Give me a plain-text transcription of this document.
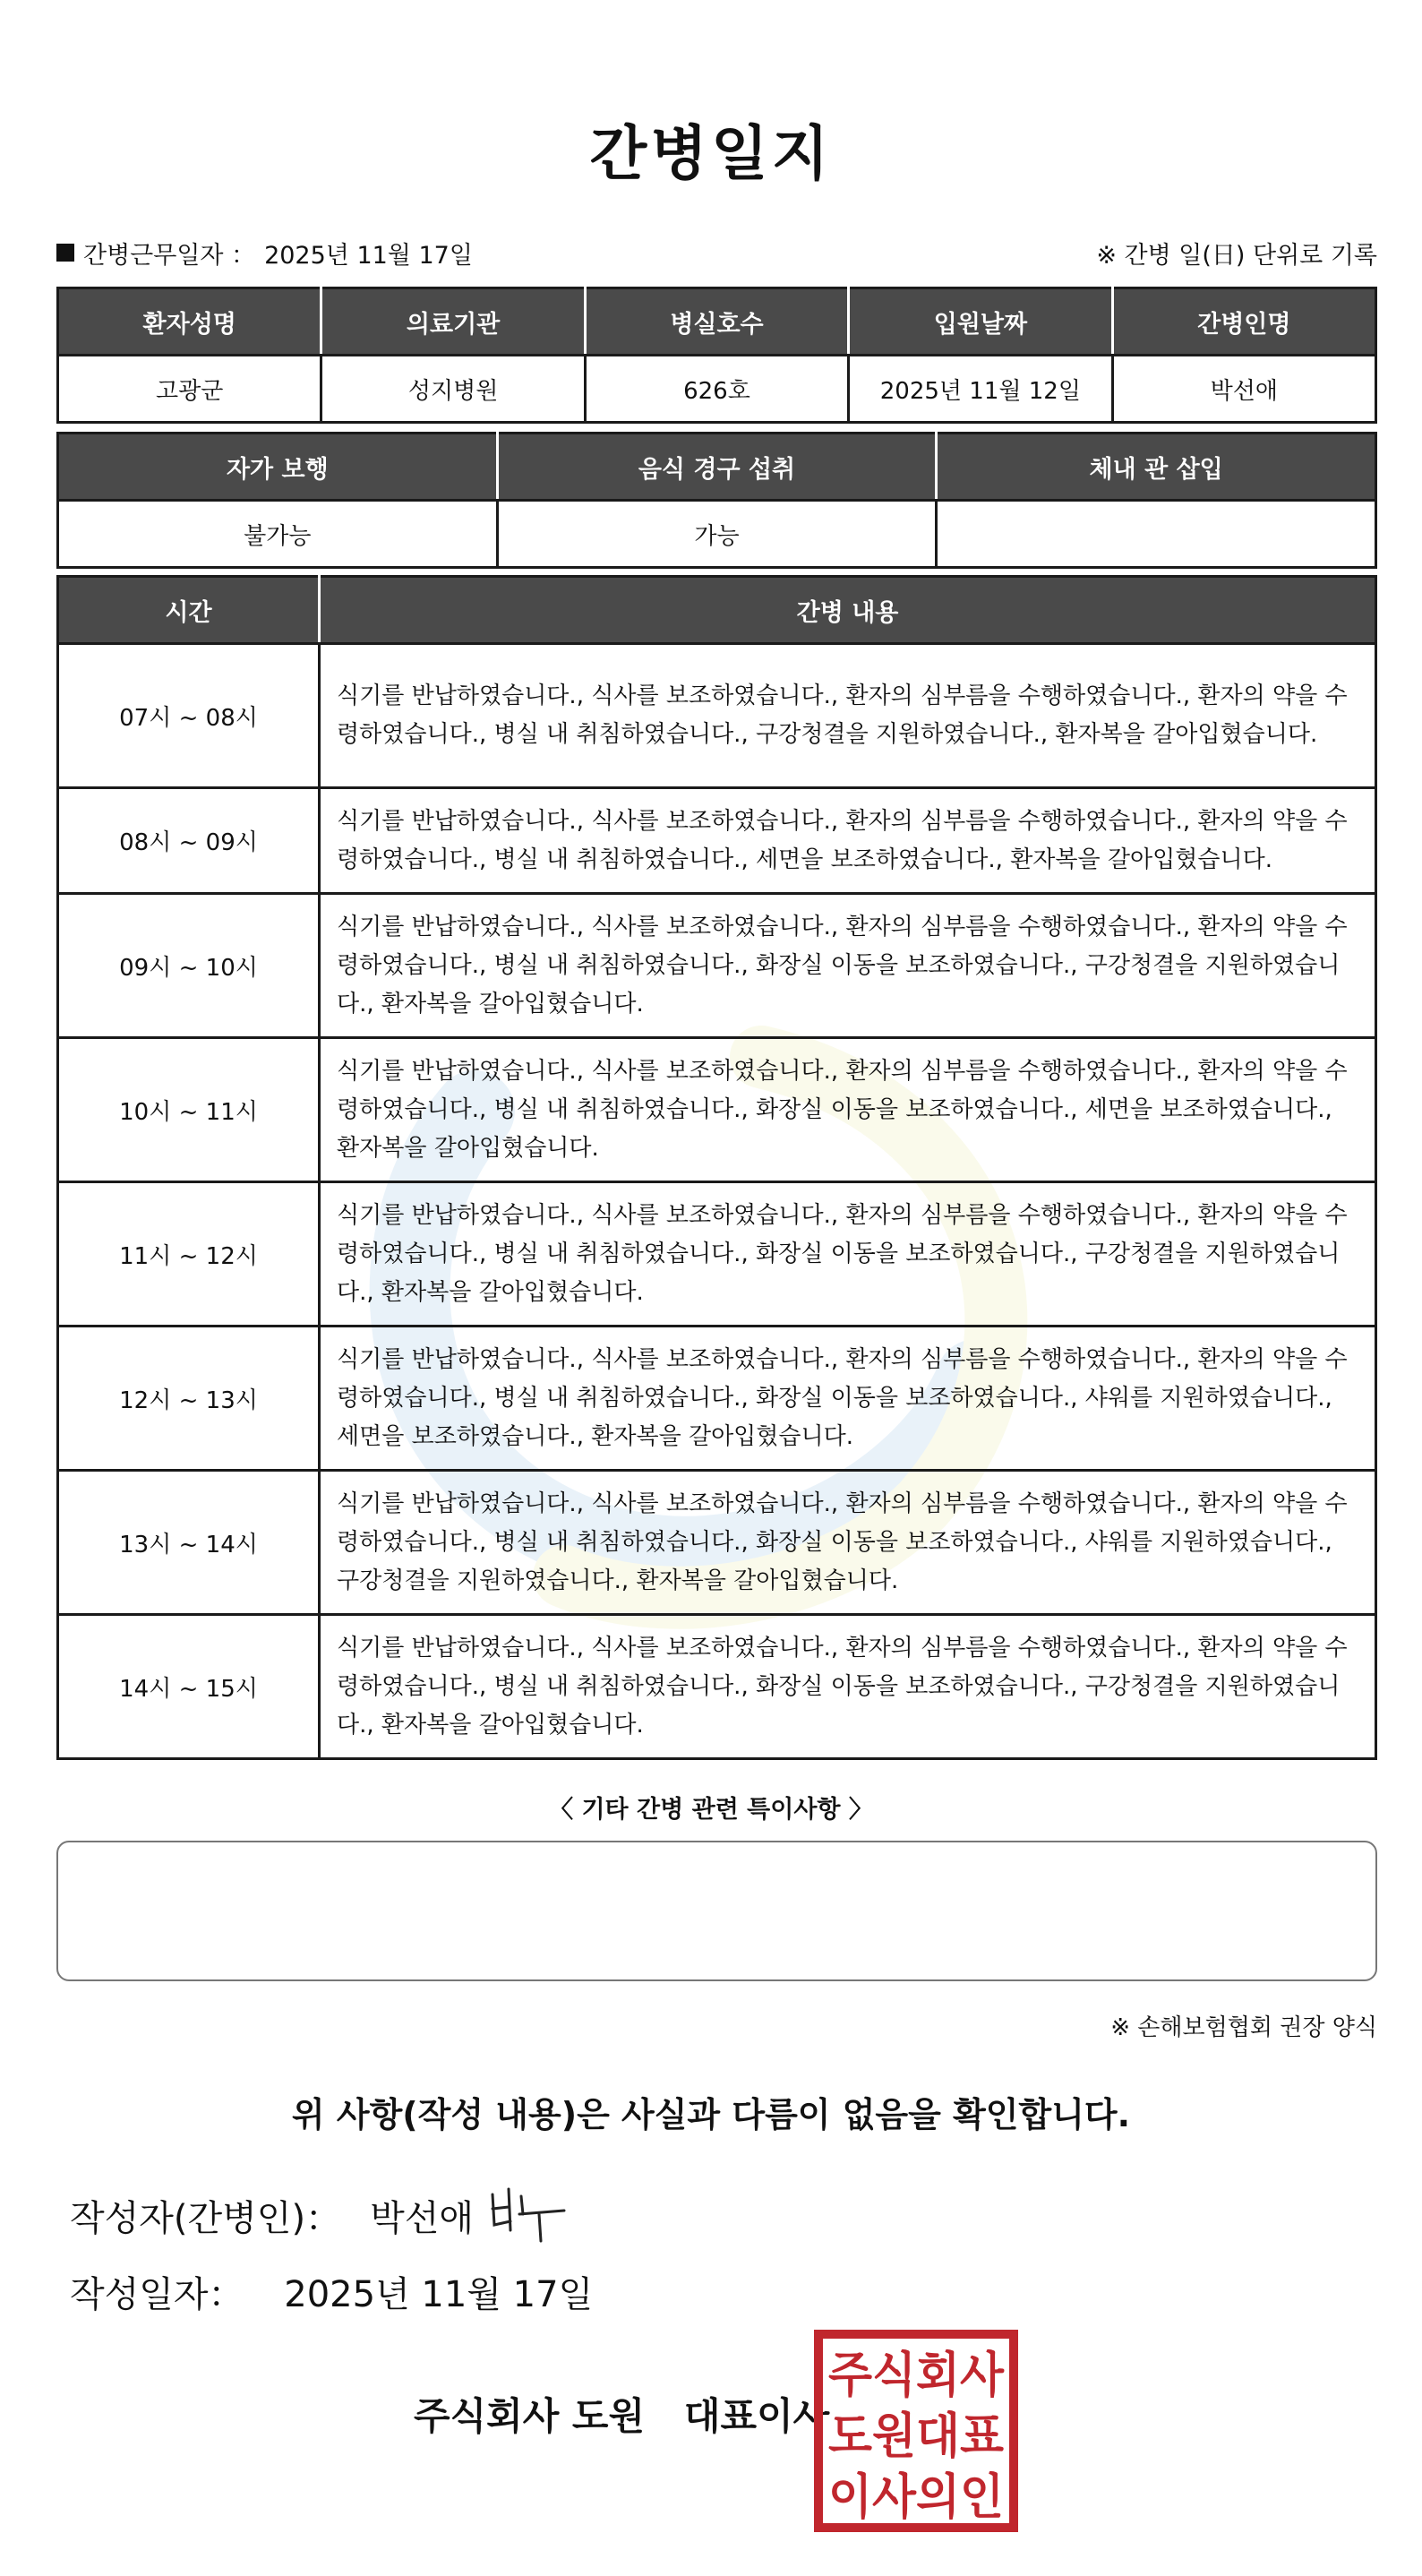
간병일지
간병근무일자 ： 2025년 11월 17일	※ 간병 일(日) 단위로 기록
환자성명	의료기관	병실호수	입원날짜	간병인명
고광군	성지병원	626호	2025년 11월 12일	박선애
자가 보행	음식 경구 섭취	체내 관 삽입
불가능	가능	
시간	간병 내용
07시 ~ 08시	식기를 반납하였습니다., 식사를 보조하였습니다., 환자의 심부름을 수행하였습니다., 환자의 약을 수령하였습니다., 병실 내 취침하였습니다., 구강청결을 지원하였습니다., 환자복을 갈아입혔습니다.
08시 ~ 09시	식기를 반납하였습니다., 식사를 보조하였습니다., 환자의 심부름을 수행하였습니다., 환자의 약을 수령하였습니다., 병실 내 취침하였습니다., 세면을 보조하였습니다., 환자복을 갈아입혔습니다.
09시 ~ 10시	식기를 반납하였습니다., 식사를 보조하였습니다., 환자의 심부름을 수행하였습니다., 환자의 약을 수령하였습니다., 병실 내 취침하였습니다., 화장실 이동을 보조하였습니다., 구강청결을 지원하였습니다., 환자복을 갈아입혔습니다.
10시 ~ 11시	식기를 반납하였습니다., 식사를 보조하였습니다., 환자의 심부름을 수행하였습니다., 환자의 약을 수령하였습니다., 병실 내 취침하였습니다., 화장실 이동을 보조하였습니다., 세면을 보조하였습니다., 환자복을 갈아입혔습니다.
11시 ~ 12시	식기를 반납하였습니다., 식사를 보조하였습니다., 환자의 심부름을 수행하였습니다., 환자의 약을 수령하였습니다., 병실 내 취침하였습니다., 화장실 이동을 보조하였습니다., 구강청결을 지원하였습니다., 환자복을 갈아입혔습니다.
12시 ~ 13시	식기를 반납하였습니다., 식사를 보조하였습니다., 환자의 심부름을 수행하였습니다., 환자의 약을 수령하였습니다., 병실 내 취침하였습니다., 화장실 이동을 보조하였습니다., 샤워를 지원하였습니다., 세면을 보조하였습니다., 환자복을 갈아입혔습니다.
13시 ~ 14시	식기를 반납하였습니다., 식사를 보조하였습니다., 환자의 심부름을 수행하였습니다., 환자의 약을 수령하였습니다., 병실 내 취침하였습니다., 화장실 이동을 보조하였습니다., 샤워를 지원하였습니다., 구강청결을 지원하였습니다., 환자복을 갈아입혔습니다.
14시 ~ 15시	식기를 반납하였습니다., 식사를 보조하였습니다., 환자의 심부름을 수행하였습니다., 환자의 약을 수령하였습니다., 병실 내 취침하였습니다., 화장실 이동을 보조하였습니다., 구강청결을 지원하였습니다., 환자복을 갈아입혔습니다.
〈 기타 간병 관련 특이사항 〉
※ 손해보험협회 권장 양식
위 사항(작성 내용)은 사실과 다름이 없음을 확인합니다.
작성자(간병인)： 박선애
작성일자： 2025년 11월 17일
주식회사 도원   대표이사
주식회사
도원대표
이사의인
